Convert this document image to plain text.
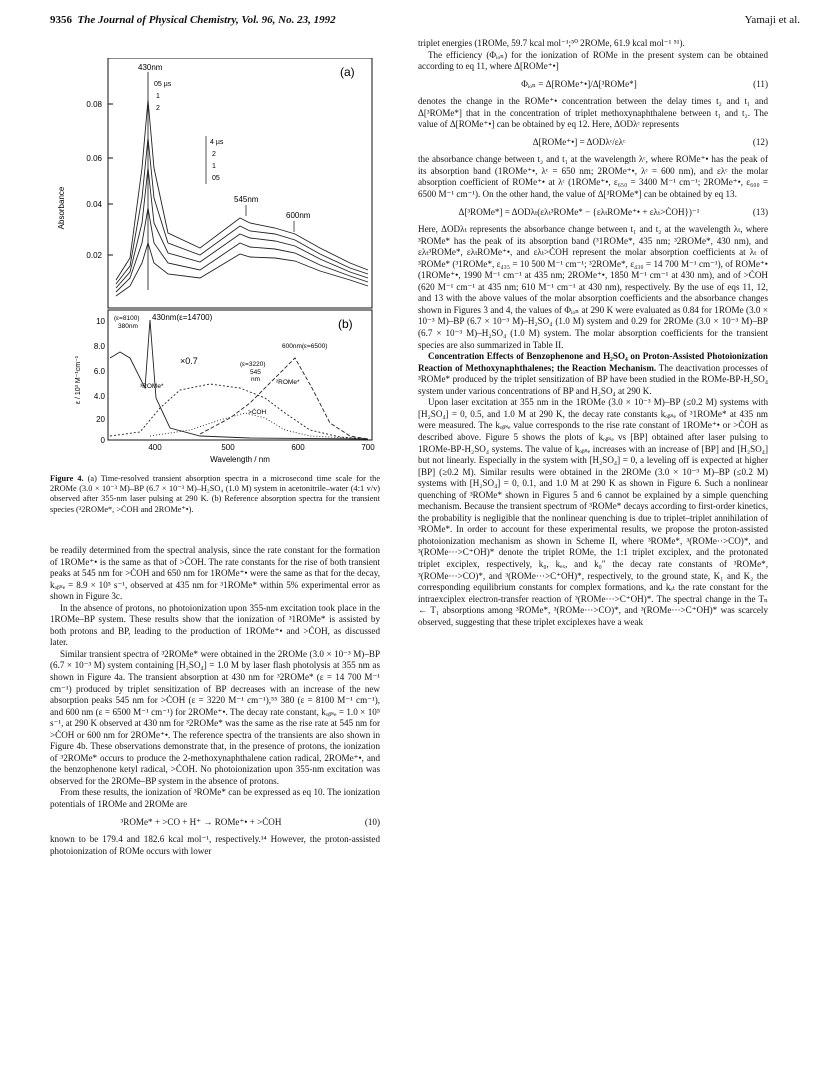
9356 The Journal of Physical Chemistry, Vol. 96, No. 23, 1992	Yamaji et al.
(a)
Absorbance
0.08
0.06
0.04
0.02
430nm
05 µs
1
2
4 µs
2
1
05
545nm
600nm
(b)
ε / 10³ M⁻¹cm⁻¹
10
8.0
6.0
4.0
20
0
400	500	600	700
Wavelength / nm
(ε=8100)
380nm
430nm(ε=14700)
600nm(ε=6500)
×0.7	(ε=3220)
545
nm
³ROMe*
²ROMe*
>ĊOH
Figure 4. (a) Time-resolved transient absorption spectra in a microsecond time scale for the 2ROMe (3.0 × 10⁻³ M)–BP (6.7 × 10⁻³ M)–H₂SO₄ (1.0 M) system in acetonitrile–water (4:1 v/v) observed after 355-nm laser pulsing at 290 K. (b) Reference absorption spectra for the transient species (³2ROMe*, >ĊOH and 2ROMe⁺•).

be readily determined from the spectral analysis, since the rate constant for the formation of 1ROMe⁺• is the same as that of >ĊOH. The rate constants for the rise of both transient peaks at 545 nm for >ĊOH and 650 nm for 1ROMe⁺• were the same as that for the decay, kₒᵦₛₑ = 8.9 × 10⁵ s⁻¹, observed at 435 nm for ³1ROMe* within 5% experimental error as shown in Figure 3c.

In the absence of protons, no photoionization upon 355-nm excitation took place in the 1ROMe–BP system. These results show that the ionization of ³1ROMe* is assisted by both protons and BP, leading to the production of 1ROMe⁺• and >ĊOH, as discussed later.

Similar transient spectra of ³2ROMe* were obtained in the 2ROMe (3.0 × 10⁻³ M)–BP (6.7 × 10⁻³ M) system containing [H₂SO₄] = 1.0 M by laser flash photolysis at 355 nm as shown in Figure 4a. The transient absorption at 430 nm for ³2ROMe* (ε = 14 700 M⁻¹ cm⁻¹) produced by triplet sensitization of BP decreases with an increase of the new absorption peaks 545 nm for >ĊOH (ε = 3220 M⁻¹ cm⁻¹),⁵⁵ 380 (ε = 8100 M⁻¹ cm⁻¹), and 600 nm (ε = 6500 M⁻¹ cm⁻¹) for 2ROMe⁺•. The decay rate constant, kₒᵦₛₑ = 1.0 × 10⁵ s⁻¹, at 290 K observed at 430 nm for ³2ROMe* was the same as the rise rate at 545 nm for >ĊOH or 600 nm for 2ROMe⁺•. The reference spectra of the transients are also shown in Figure 4b. These observations demonstrate that, in the presence of protons, the ionization of ³2ROMe* occurs to produce the 2-methoxynaphthalene cation radical, 2ROMe⁺•, and the benzophenone ketyl radical, >ĊOH. No photoionization upon 355-nm excitation was observed for the 2ROMe–BP system in the absence of protons.

From these results, the ionization of ³ROMe* can be expressed as eq 10. The ionization potentials of 1ROMe and 2ROMe are

³ROMe* + >CO + H⁺ → ROMe⁺• + >ĊOH	(10)

known to be 179.4 and 182.6 kcal mol⁻¹, respectively.¹⁴ However, the proton-assisted photoionization of ROMe occurs with lower

triplet energies (1ROMe, 59.7 kcal mol⁻¹;⁵⁰ 2ROMe, 61.9 kcal mol⁻¹ ⁵¹).

The efficiency (Φᵢₒₙ) for the ionization of ROMe in the present system can be obtained according to eq 11, where Δ[ROMe⁺•]

Φᵢₒₙ = Δ[ROMe⁺•]/Δ[³ROMe*]	(11)

denotes the change in the ROMe⁺• concentration between the delay times t₂ and t₁ and Δ[³ROMe*] that in the concentration of triplet methoxynaphthalene between t₁ and t₂. The value of Δ[ROMe⁺•] can be obtained by eq 12. Here, ΔODλᶜ represents

Δ[ROMe⁺•] = ΔODλᶜ/ελᶜ	(12)

the absorbance change between t₂ and t₁ at the wavelength λᶜ, where ROMe⁺• has the peak of its absorption band (1ROMe⁺•, λᶜ = 650 nm; 2ROMe⁺•, λᶜ = 600 nm), and ελᶜ the molar absorption coefficient of ROMe⁺• at λᶜ (1ROMe⁺•, ε₆₅₀ = 3400 M⁻¹ cm⁻¹; 2ROMe⁺•, ε₆₀₀ = 6500 M⁻¹ cm⁻¹). On the other hand, the value of Δ[³ROMe*] can be obtained by eq 13.

Δ[³ROMe*] = ΔODλₜ(ελₜ³ROMe* − {ελₜROMe⁺• + ελₜ>ĊOH})⁻¹	(13)

Here, ΔODλₜ represents the absorbance change between t₁ and t₂ at the wavelength λₜ, where ³ROMe* has the peak of its absorption band (³1ROMe*, 435 nm; ³2ROMe*, 430 nm), and ελₜ³ROMe*, ελₜROMe⁺•, and ελₜ>ĊOH represent the molar absorption coefficients at λₜ of ³ROMe* (³1ROMe*, ε₄₃₅ = 10 500 M⁻¹ cm⁻¹; ³2ROMe*, ε₄₃₀ = 14 700 M⁻¹ cm⁻¹), of ROMe⁺• (1ROMe⁺•, 1990 M⁻¹ cm⁻¹ at 435 nm; 2ROMe⁺•, 1850 M⁻¹ cm⁻¹ at 430 nm), and of >ĊOH (620 M⁻¹ cm⁻¹ at 435 nm; 610 M⁻¹ cm⁻¹ at 430 nm), respectively. By the use of eqs 11, 12, and 13 with the above values of the molar absorption coefficients and the absorbance changes shown in Figures 3 and 4, the values of Φᵢₒₙ at 290 K were evaluated as 0.84 for 1ROMe (3.0 × 10⁻³ M)–BP (6.7 × 10⁻³ M)–H₂SO₄ (1.0 M) system and 0.29 for 2ROMe (3.0 × 10⁻³ M)–BP (6.7 × 10⁻³ M)–H₂SO₄ (1.0 M) system. The molar absorption coefficients for the transient species are also summarized in Table II.

Concentration Effects of Benzophenone and H₂SO₄ on Proton-Assisted Photoionization Reaction of Methoxynaphthalenes; the Reaction Mechanism. The deactivation processes of ³ROMe* produced by the triplet sensitization of BP have been studied in the ROMe-BP-H₂SO₄ system under various concentrations of BP and H₂SO₄ at 290 K.

Upon laser excitation at 355 nm in the 1ROMe (3.0 × 10⁻³ M)–BP (≤0.2 M) systems with [H₂SO₄] = 0, 0.5, and 1.0 M at 290 K, the decay rate constants kₒᵦₛₑ of ³1ROMe* at 435 nm were measured. The kₒᵦₛₑ value corresponds to the rise rate constant of 1ROMe⁺• or >ĊOH as described above. Figure 5 shows the plots of kₒᵦₛₑ vs [BP] obtained after laser pulsing to 1ROMe-BP-H₂SO₄ systems. The value of kₒᵦₛₑ increases with an increase of [BP] and [H₂SO₄] but not linearly. Especially in the system with [H₂SO₄] = 0, a leveling off is expected at higher [BP] (≥0.2 M). Similar results were obtained in the 2ROMe (3.0 × 10⁻³ M)–BP (≤0.2 M) systems with [H₂SO₄] = 0, 0.1, and 1.0 M at 290 K as shown in Figure 6. Such a nonlinear quenching of ³ROMe* shown in Figures 5 and 6 cannot be explained by a simple quenching mechanism. Because the transient spectrum of ³ROMe* decays according to first-order kinetics, the probability is negligible that the nonlinear quenching is due to triplet–triplet annihilation of ³ROMe*. In order to account for these experimental results, we propose the proton-assisted photoionization mechanism as shown in Scheme II, where ³ROMe*, ³(ROMe··>CO)*, and ³(ROMe···>C⁺OH)* denote the triplet ROMe, the 1:1 triplet exciplex, and the protonated triplet exciplex, respectively, k₀, kₑₓ, and k₀″ the decay rate constants of ³ROMe*, ³(ROMe···>CO)*, and ³(ROMe···>C⁺OH)*, respectively, to the ground state, K₁ and K₂ the corresponding equilibrium constants for complex formations, and kₑₜ the rate constant for the intraexciplex electron-transfer reaction of ³(ROMe···>C⁺OH)*. The spectral change in the Tₙ ← T₁ absorptions among ³ROMe*, ³(ROMe···>CO)*, and ³(ROMe···>C⁺OH)* was scarcely observed, suggesting that these triplet exciplexes have a weak
